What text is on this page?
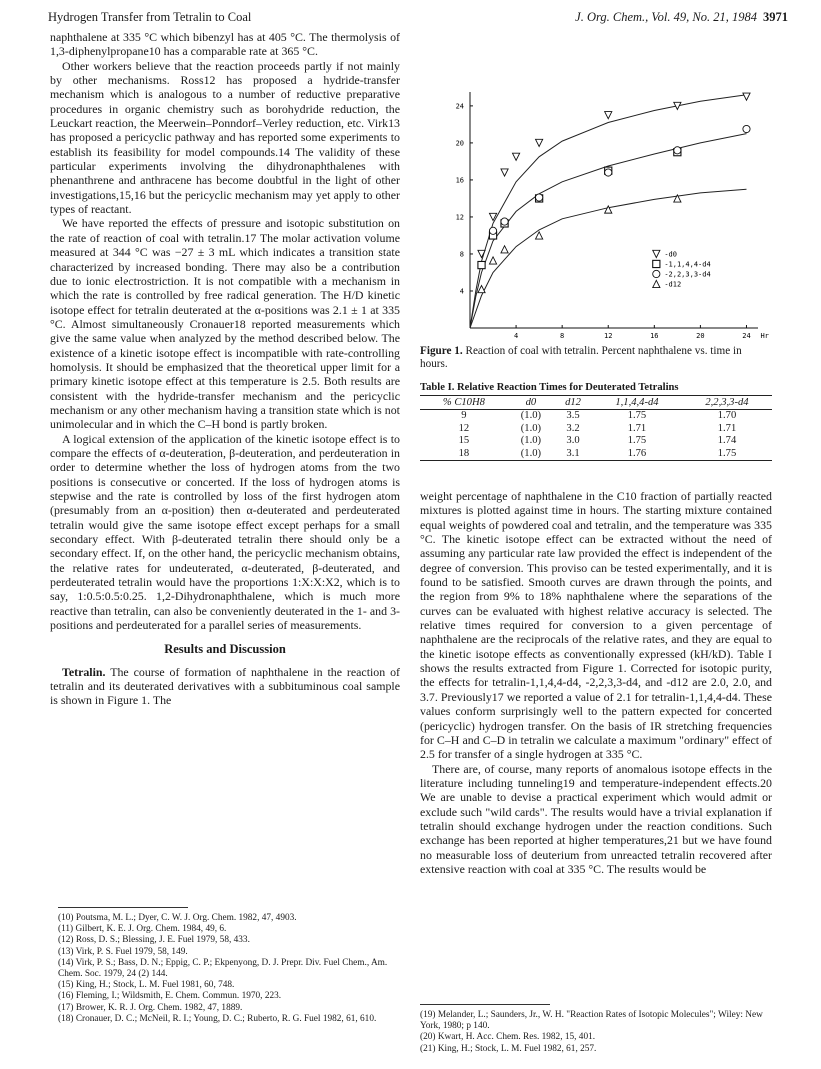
Hydrogen Transfer from Tetralin to Coal	J. Org. Chem., Vol. 49, No. 21, 1984 3971

naphthalene at 335 °C which bibenzyl has at 405 °C. The thermolysis of 1,3-diphenylpropane10 has a comparable rate at 365 °C.

Other workers believe that the reaction proceeds partly if not mainly by other mechanisms. Ross12 has proposed a hydride-transfer mechanism which is analogous to a number of reductive preparative procedures in organic chemistry such as borohydride reduction, the Leuckart reaction, the Meerwein–Ponndorf–Verley reduction, etc. Virk13 has proposed a pericyclic pathway and has reported some experiments to establish its feasibility for model compounds.14 The validity of these particular experiments involving the dihydronaphthalenes with phenanthrene and anthracene has become doubtful in the light of other investigations,15,16 but the pericyclic mechanism may yet apply to other types of reactant.

We have reported the effects of pressure and isotopic substitution on the rate of reaction of coal with tetralin.17 The molar activation volume measured at 344 °C was −27 ± 3 mL which indicates a transition state characterized by increased bonding. There may also be a contribution due to ionic electrostriction. It is not compatible with a mechanism in which the rate is controlled by free radical generation. The H/D kinetic isotope effect for tetralin deuterated at the α-positions was 2.1 ± 1 at 335 °C. Almost simultaneously Cronauer18 reported measurements which give the same value when analyzed by the method described below. The existence of a kinetic isotope effect is incompatible with rate-controlling homolysis. It should be emphasized that the theoretical upper limit for a primary kinetic isotope effect at this temperature is 2.5. Both results are consistent with the hydride-transfer mechanism and the pericyclic mechanism or any other mechanism having a transition state which is not unimolecular and in which the C–H bond is partly broken.

A logical extension of the application of the kinetic isotope effect is to compare the effects of α-deuteration, β-deuteration, and perdeuteration in order to determine whether the loss of hydrogen atoms from the two positions is consecutive or concerted. If the loss of hydrogen atoms is stepwise and the rate is controlled by loss of the first hydrogen atom (presumably from an α-position) then α-deuterated and perdeuterated tetralin would give the same isotope effect except perhaps for a small secondary effect. With β-deuterated tetralin there should only be a secondary effect. If, on the other hand, the pericyclic mechanism obtains, the relative rates for undeuterated, α-deuterated, β-deuterated, and perdeuterated tetralin would have the proportions 1:X:X:X2, which is to say, 1:0.5:0.5:0.25. 1,2-Dihydronaphthalene, which is much more reactive than tetralin, can also be conveniently deuterated in the 1- and 3-positions and perdeuterated for a parallel series of measurements.

Results and Discussion

Tetralin. The course of formation of naphthalene in the reaction of tetralin and its deuterated derivatives with a subbituminous coal sample is shown in Figure 1. The

(10) Poutsma, M. L.; Dyer, C. W. J. Org. Chem. 1982, 47, 4903.
(11) Gilbert, K. E. J. Org. Chem. 1984, 49, 6.
(12) Ross, D. S.; Blessing, J. E. Fuel 1979, 58, 433.
(13) Virk, P. S. Fuel 1979, 58, 149.
(14) Virk, P. S.; Bass, D. N.; Eppig, C. P.; Ekpenyong, D. J. Prepr. Div. Fuel Chem., Am. Chem. Soc. 1979, 24 (2) 144.
(15) King, H.; Stock, L. M. Fuel 1981, 60, 748.
(16) Fleming, I.; Wildsmith, E. Chem. Commun. 1970, 223.
(17) Brower, K. R. J. Org. Chem. 1982, 47, 1889.
(18) Cronauer, D. C.; McNeil, R. I.; Young, D. C.; Ruberto, R. G. Fuel 1982, 61, 610.
4	8	12	16	20	24 Hr
4
8
12
16
20
24
-d0
-1,1,4,4-d4
-2,2,3,3-d4
-d12
Figure 1. Reaction of coal with tetralin. Percent naphthalene vs. time in hours.
Table I. Relative Reaction Times for Deuterated Tetralins
% C10H8	d0	d12	1,1,4,4-d4	2,2,3,3-d4
9	(1.0)	3.5	1.75	1.70
12	(1.0)	3.2	1.71	1.71
15	(1.0)	3.0	1.75	1.74
18	(1.0)	3.1	1.76	1.75

weight percentage of naphthalene in the C10 fraction of partially reacted mixtures is plotted against time in hours. The starting mixture contained equal weights of powdered coal and tetralin, and the temperature was 335 °C. The kinetic isotope effect can be extracted without the need of assuming any particular rate law provided the effect is independent of the degree of conversion. This proviso can be tested experimentally, and it is found to be satisfied. Smooth curves are drawn through the points, and the region from 9% to 18% naphthalene where the separations of the curves can be evaluated with highest relative accuracy is selected. The relative times required for conversion to a given percentage of naphthalene are the reciprocals of the relative rates, and they are equal to the kinetic isotope effects as conventionally expressed (kH/kD). Table I shows the results extracted from Figure 1. Corrected for isotopic purity, the effects for tetralin-1,1,4,4-d4, -2,2,3,3-d4, and -d12 are 2.0, 2.0, and 3.7. Previously17 we reported a value of 2.1 for tetralin-1,1,4,4-d4. These values conform surprisingly well to the pattern expected for concerted (pericyclic) hydrogen transfer. On the basis of IR stretching frequencies for C–H and C–D in tetralin we calculate a maximum "ordinary" effect of 2.5 for transfer of a single hydrogen at 335 °C.

There are, of course, many reports of anomalous isotope effects in the literature including tunneling19 and temperature-independent effects.20 We are unable to devise a practical experiment which would admit or exclude such "wild cards". The results would have a trivial explanation if tetralin should exchange hydrogen under the reaction conditions. Such exchange has been reported at higher temperatures,21 but we have found no measurable loss of deuterium from unreacted tetralin recovered after extensive reaction with coal at 335 °C. The results would be

(19) Melander, L.; Saunders, Jr., W. H. "Reaction Rates of Isotopic Molecules"; Wiley: New York, 1980; p 140.
(20) Kwart, H. Acc. Chem. Res. 1982, 15, 401.
(21) King, H.; Stock, L. M. Fuel 1982, 61, 257.
